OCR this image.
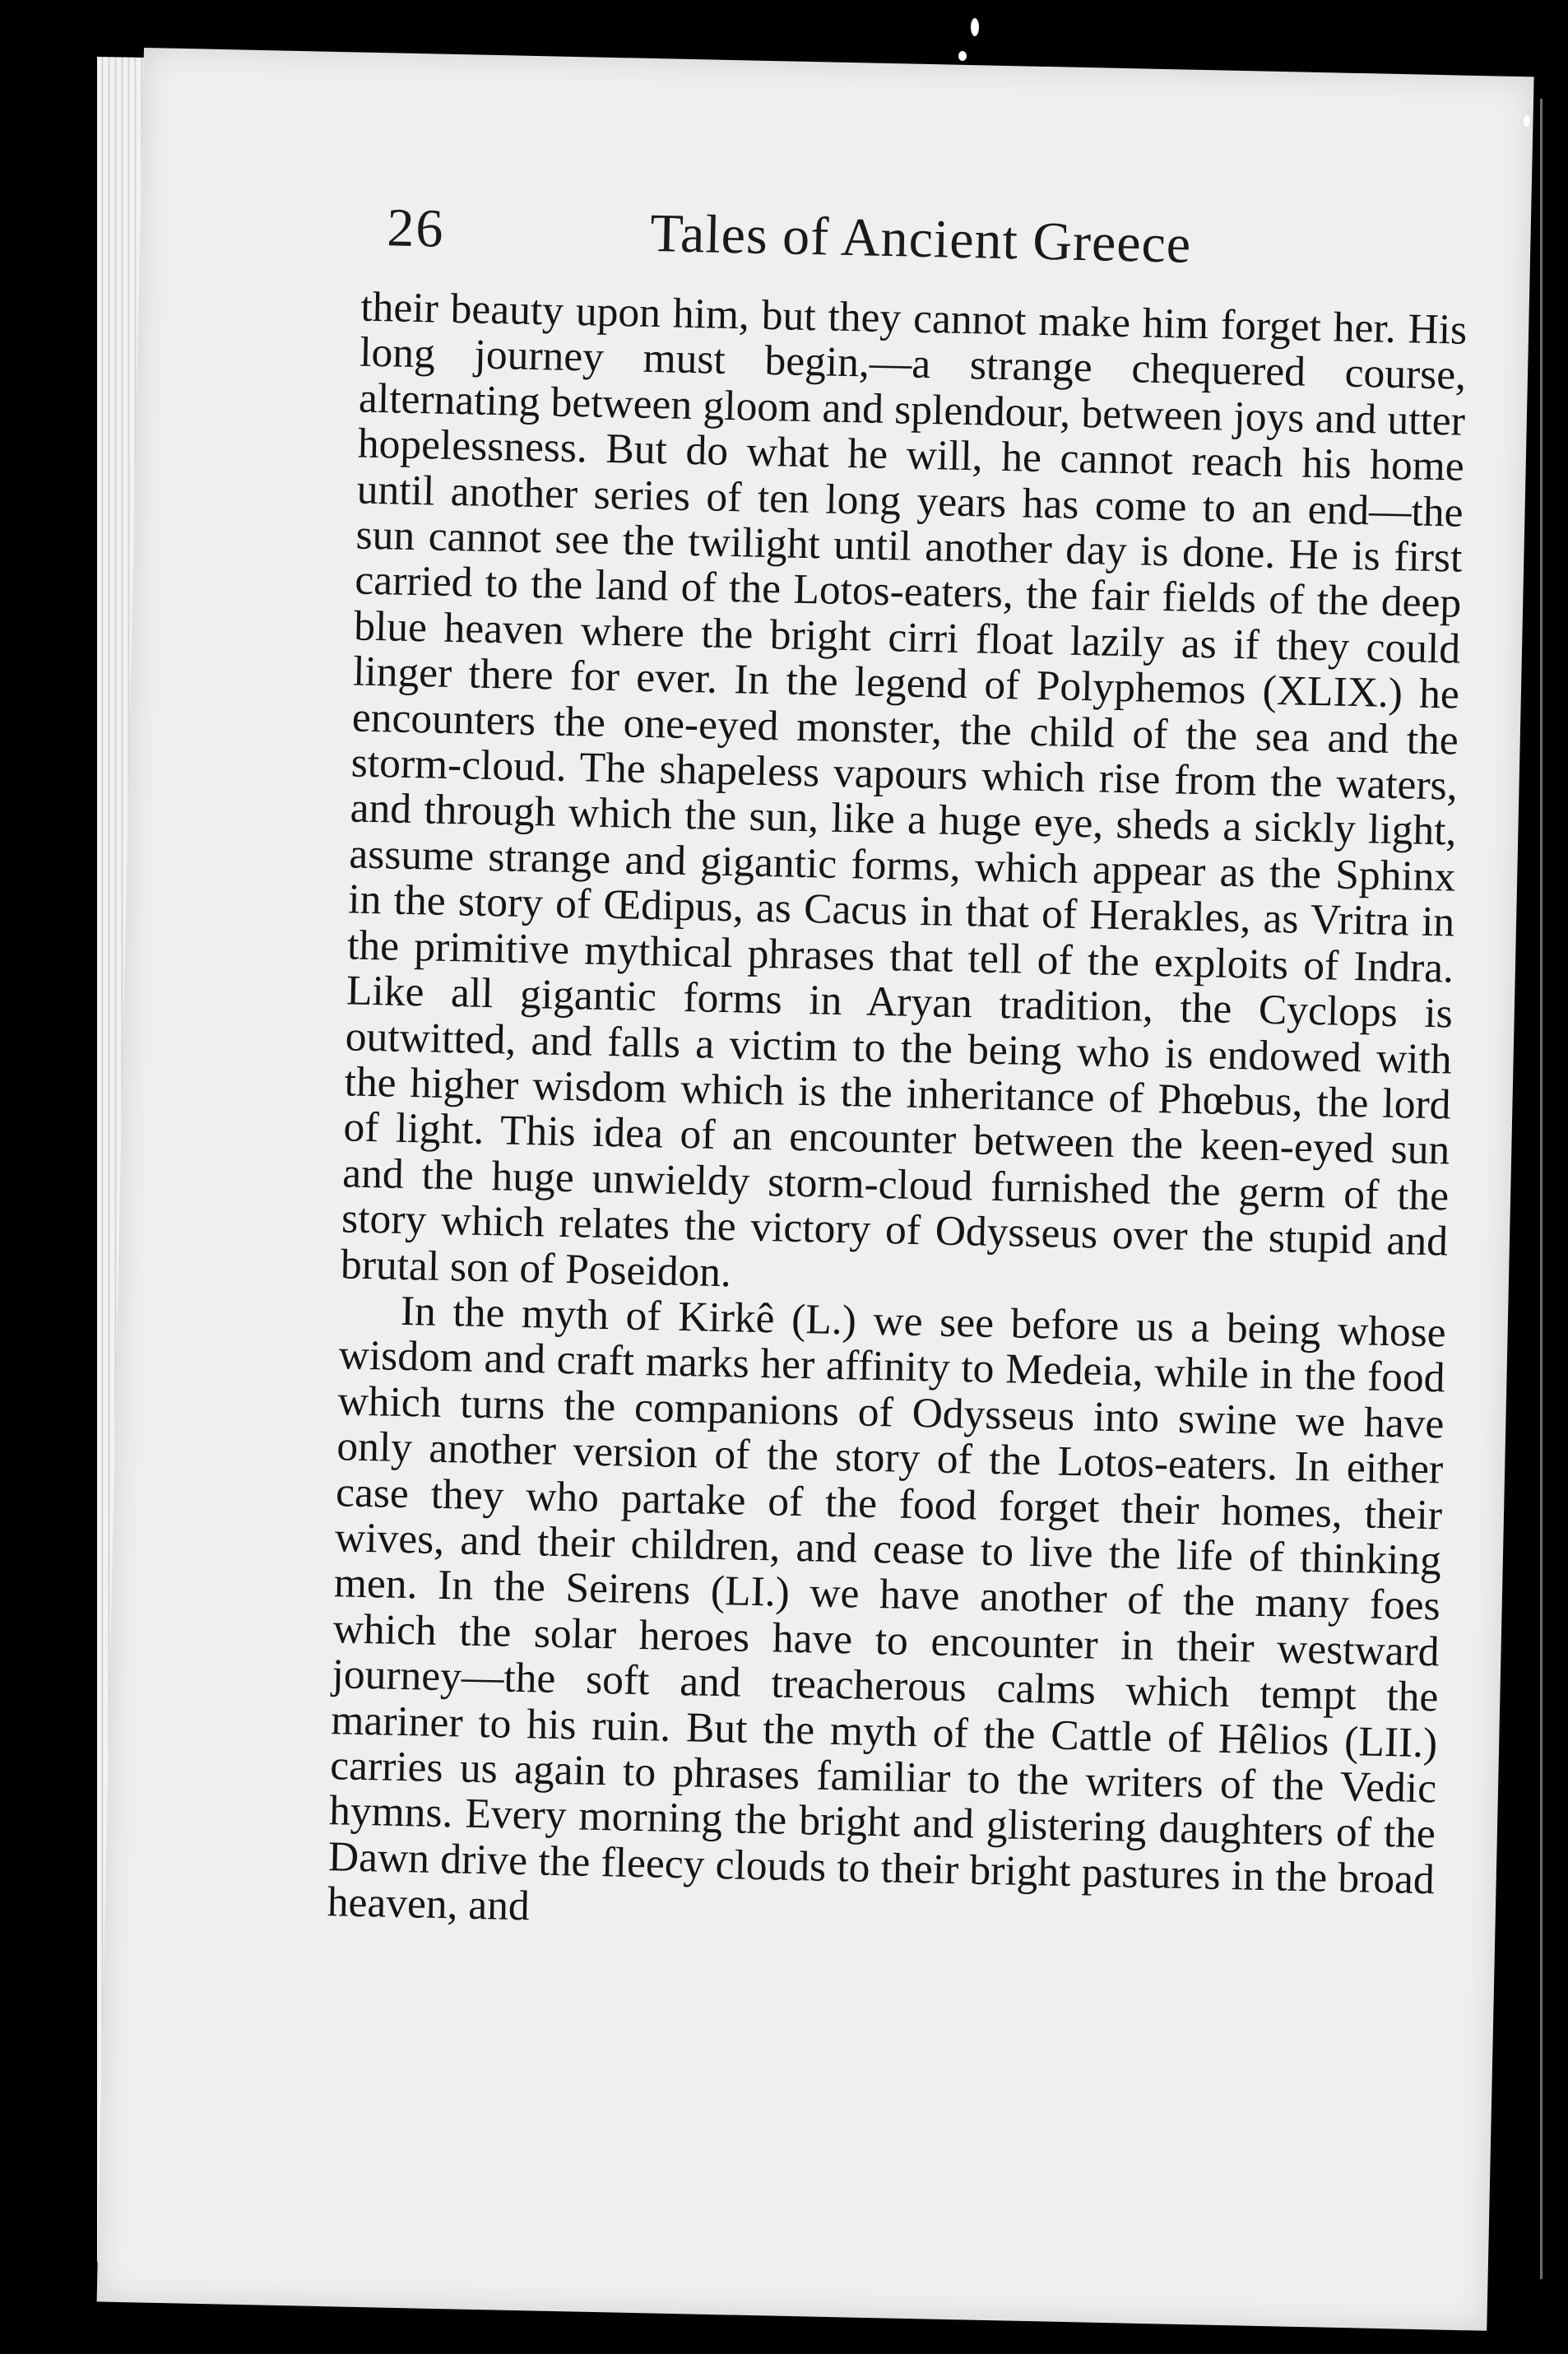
26	Tales of Ancient Greece

their beauty upon him, but they cannot make him forget her. His long journey must begin,—a strange chequered course, alternating between gloom and splendour, between joys and utter hopelessness. But do what he will, he cannot reach his home until another series of ten long years has come to an end—the sun cannot see the twilight until another day is done. He is first carried to the land of the Lotos-eaters, the fair fields of the deep blue heaven where the bright cirri float lazily as if they could linger there for ever. In the legend of Polyphemos (XLIX.) he encounters the one-eyed monster, the child of the sea and the storm-cloud. The shapeless vapours which rise from the waters, and through which the sun, like a huge eye, sheds a sickly light, assume strange and gigantic forms, which appear as the Sphinx in the story of Œdipus, as Cacus in that of Herakles, as Vritra in the primitive mythical phrases that tell of the exploits of Indra. Like all gigantic forms in Aryan tradition, the Cyclops is outwitted, and falls a victim to the being who is endowed with the higher wisdom which is the inheritance of Phœbus, the lord of light. This idea of an encounter between the keen-eyed sun and the huge unwieldy storm-cloud furnished the germ of the story which relates the victory of Odysseus over the stupid and brutal son of Poseidon.

In the myth of Kirkê (L.) we see before us a being whose wisdom and craft marks her affinity to Medeia, while in the food which turns the companions of Odysseus into swine we have only another version of the story of the Lotos-eaters. In either case they who partake of the food forget their homes, their wives, and their children, and cease to live the life of thinking men. In the Seirens (LI.) we have another of the many foes which the solar heroes have to encounter in their westward journey—the soft and treacherous calms which tempt the mariner to his ruin. But the myth of the Cattle of Hêlios (LII.) carries us again to phrases familiar to the writers of the Vedic hymns. Every morning the bright and glistering daughters of the Dawn drive the fleecy clouds to their bright pastures in the broad heaven, and
